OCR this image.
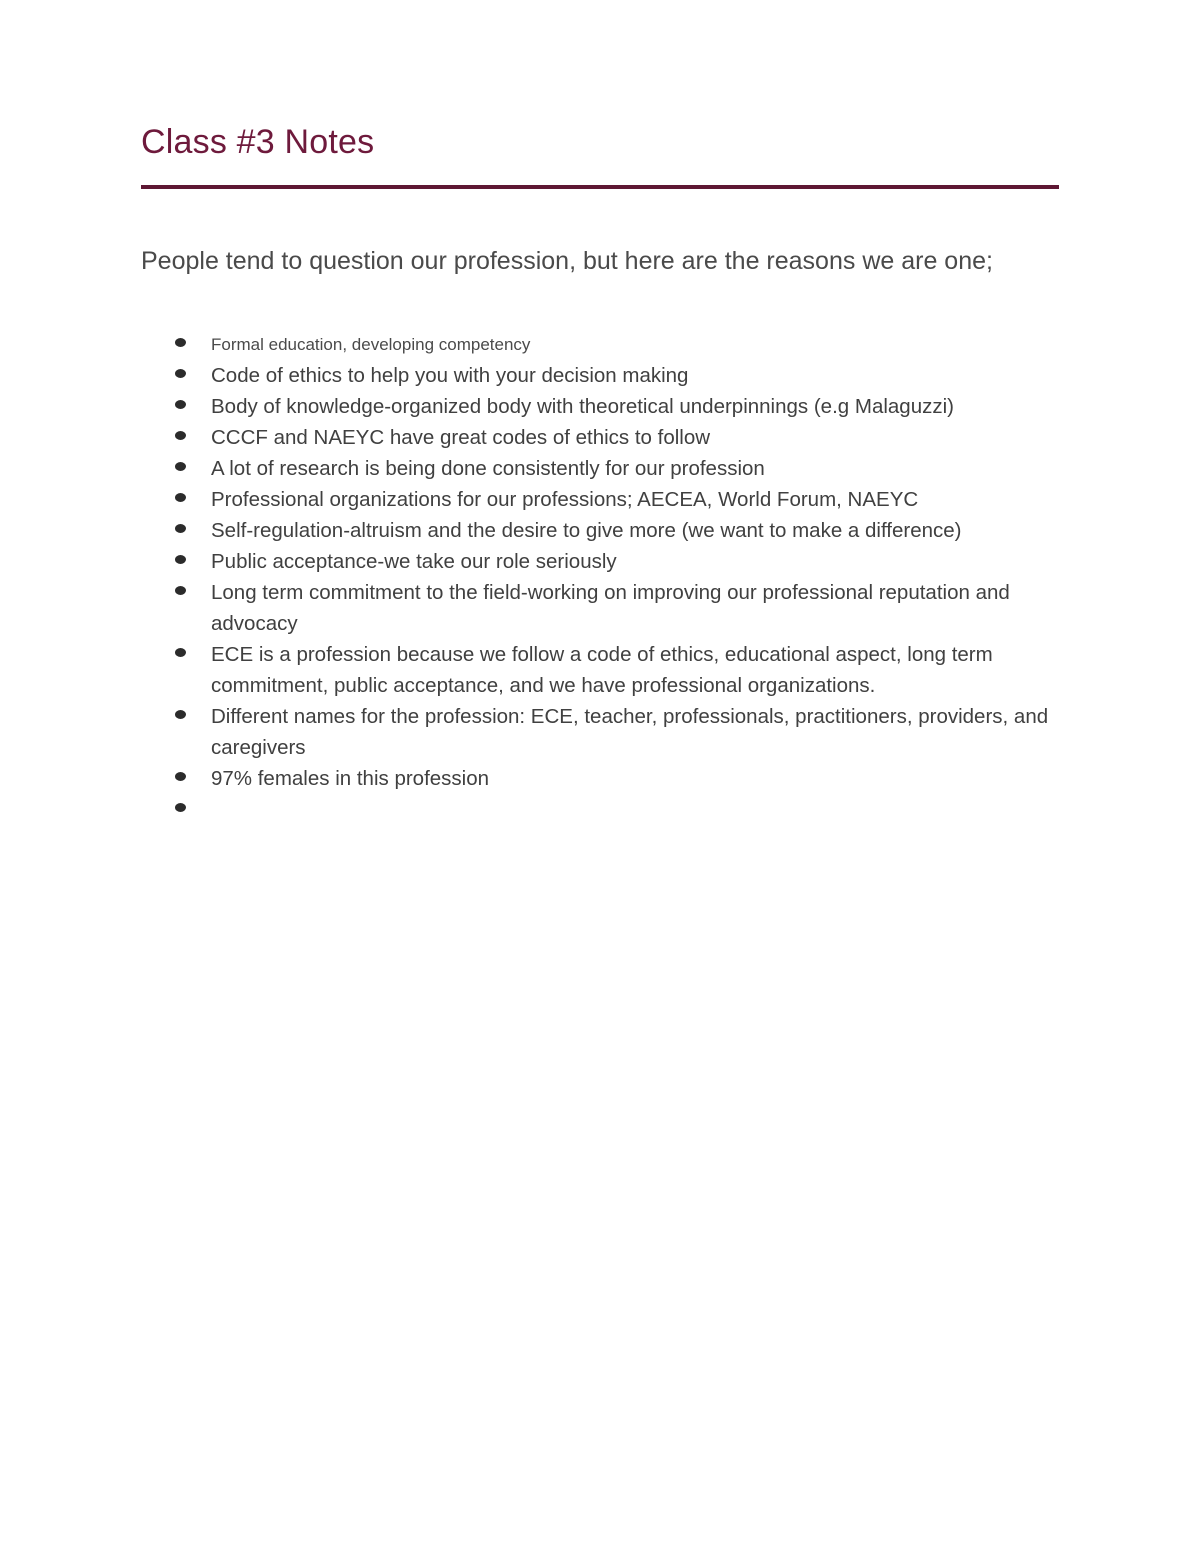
Class #3 Notes

People tend to question our profession, but here are the reasons we are one;

Formal education, developing competency
Code of ethics to help you with your decision making
Body of knowledge-organized body with theoretical underpinnings (e.g Malaguzzi)
CCCF and NAEYC have great codes of ethics to follow
A lot of research is being done consistently for our profession
Professional organizations for our professions; AECEA, World Forum, NAEYC
Self-regulation-altruism and the desire to give more (we want to make a difference)
Public acceptance-we take our role seriously
Long term commitment to the field-working on improving our professional reputation and advocacy
ECE is a profession because we follow a code of ethics, educational aspect, long term commitment, public acceptance, and we have professional organizations.
Different names for the profession: ECE, teacher, professionals, practitioners, providers, and caregivers
97% females in this profession
